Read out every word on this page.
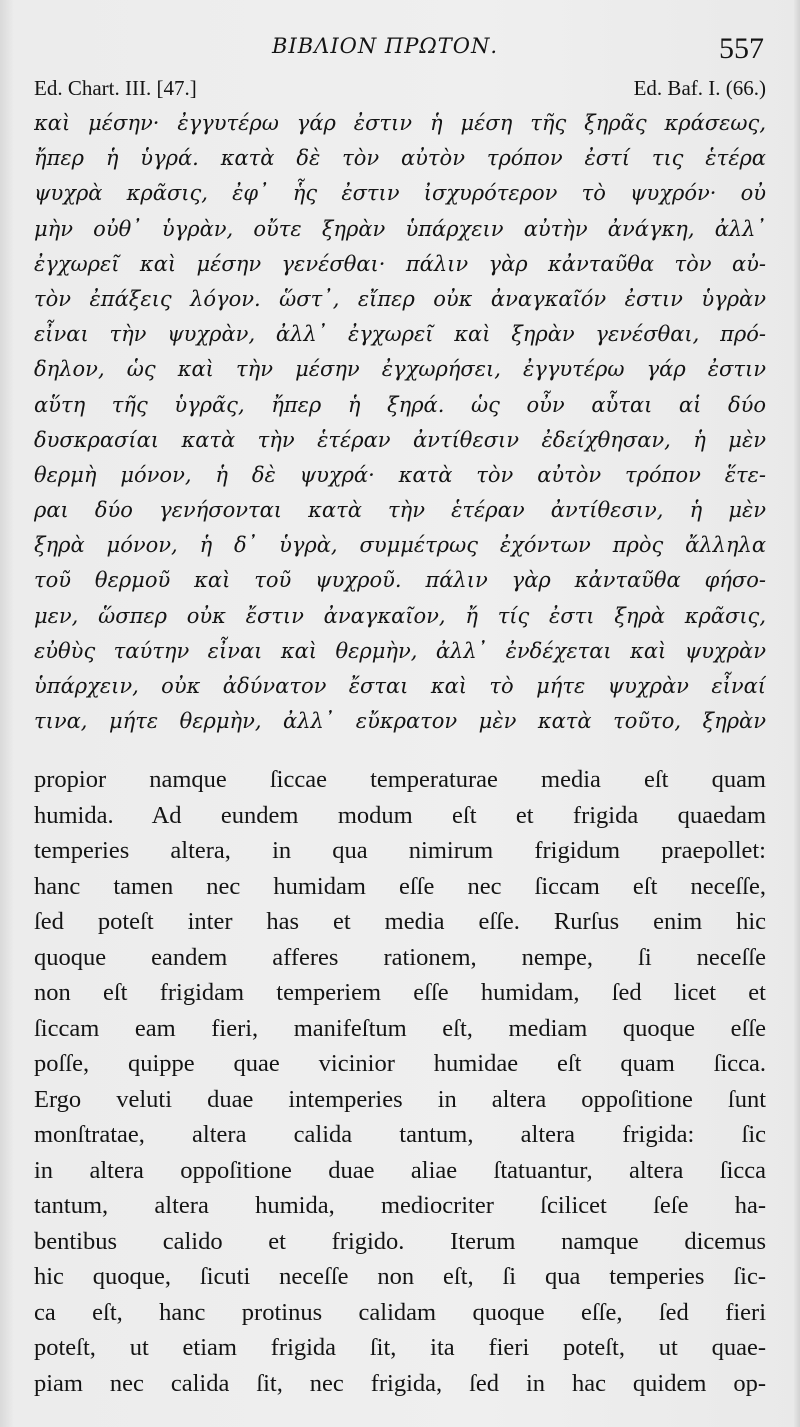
ΒΙΒΛΙΟΝ ΠΡΩΤΟΝ.	557
Ed. Chart. III. [47.]	Ed. Baf. I. (66.)
καὶ μέσην· ἐγγυτέρω γάρ ἐστιν ἡ μέση τῆς ξηρᾶς κράσεως,
ἤπερ ἡ ὑγρά. κατὰ δὲ τὸν αὐτὸν τρόπον ἐστί τις ἑτέρα
ψυχρὰ κρᾶσις, ἐφ᾽ ἧς ἐστιν ἰσχυρότερον τὸ ψυχρόν· οὐ
μὴν οὐθ᾽ ὑγρὰν, οὔτε ξηρὰν ὑπάρχειν αὐτὴν ἀνάγκη, ἀλλ᾽
ἐγχωρεῖ καὶ μέσην γενέσθαι· πάλιν γὰρ κἀνταῦθα τὸν αὐ-
τὸν ἐπάξεις λόγον. ὥστ᾽, εἴπερ οὐκ ἀναγκαῖόν ἐστιν ὑγρὰν
εἶναι τὴν ψυχρὰν, ἀλλ᾽ ἐγχωρεῖ καὶ ξηρὰν γενέσθαι, πρό-
δηλον, ὡς καὶ τὴν μέσην ἐγχωρήσει, ἐγγυτέρω γάρ ἐστιν
αὕτη τῆς ὑγρᾶς, ἤπερ ἡ ξηρά. ὡς οὖν αὗται αἱ δύο
δυσκρασίαι κατὰ τὴν ἑτέραν ἀντίθεσιν ἐδείχθησαν, ἡ μὲν
θερμὴ μόνον, ἡ δὲ ψυχρά· κατὰ τὸν αὐτὸν τρόπον ἕτε-
ραι δύο γενήσονται κατὰ τὴν ἑτέραν ἀντίθεσιν, ἡ μὲν
ξηρὰ μόνον, ἡ δ᾽ ὑγρὰ, συμμέτρως ἐχόντων πρὸς ἄλληλα
τοῦ θερμοῦ καὶ τοῦ ψυχροῦ. πάλιν γὰρ κἀνταῦθα φήσο-
μεν, ὥσπερ οὐκ ἔστιν ἀναγκαῖον, ἤ τίς ἐστι ξηρὰ κρᾶσις,
εὐθὺς ταύτην εἶναι καὶ θερμὴν, ἀλλ᾽ ἐνδέχεται καὶ ψυχρὰν
ὑπάρχειν, οὐκ ἀδύνατον ἔσται καὶ τὸ μήτε ψυχρὰν εἶναί
τινα, μήτε θερμὴν, ἀλλ᾽ εὔκρατον μὲν κατὰ τοῦτο, ξηρὰν
propior namque ſiccae temperaturae media eſt quam
humida. Ad eundem modum eſt et frigida quaedam
temperies altera, in qua nimirum frigidum praepollet:
hanc tamen nec humidam eſſe nec ſiccam eſt neceſſe,
ſed poteſt inter has et media eſſe. Rurſus enim hic
quoque eandem afferes rationem, nempe, ſi neceſſe
non eſt frigidam temperiem eſſe humidam, ſed licet et
ſiccam eam fieri, manifeſtum eſt, mediam quoque eſſe
poſſe, quippe quae vicinior humidae eſt quam ſicca.
Ergo veluti duae intemperies in altera oppoſitione ſunt
monſtratae, altera calida tantum, altera frigida: ſic
in altera oppoſitione duae aliae ſtatuantur, altera ſicca
tantum, altera humida, mediocriter ſcilicet ſeſe ha-
bentibus calido et frigido. Iterum namque dicemus
hic quoque, ſicuti neceſſe non eſt, ſi qua temperies ſic-
ca eſt, hanc protinus calidam quoque eſſe, ſed fieri
poteſt, ut etiam frigida ſit, ita fieri poteſt, ut quae-
piam nec calida ſit, nec frigida, ſed in hac quidem op-
